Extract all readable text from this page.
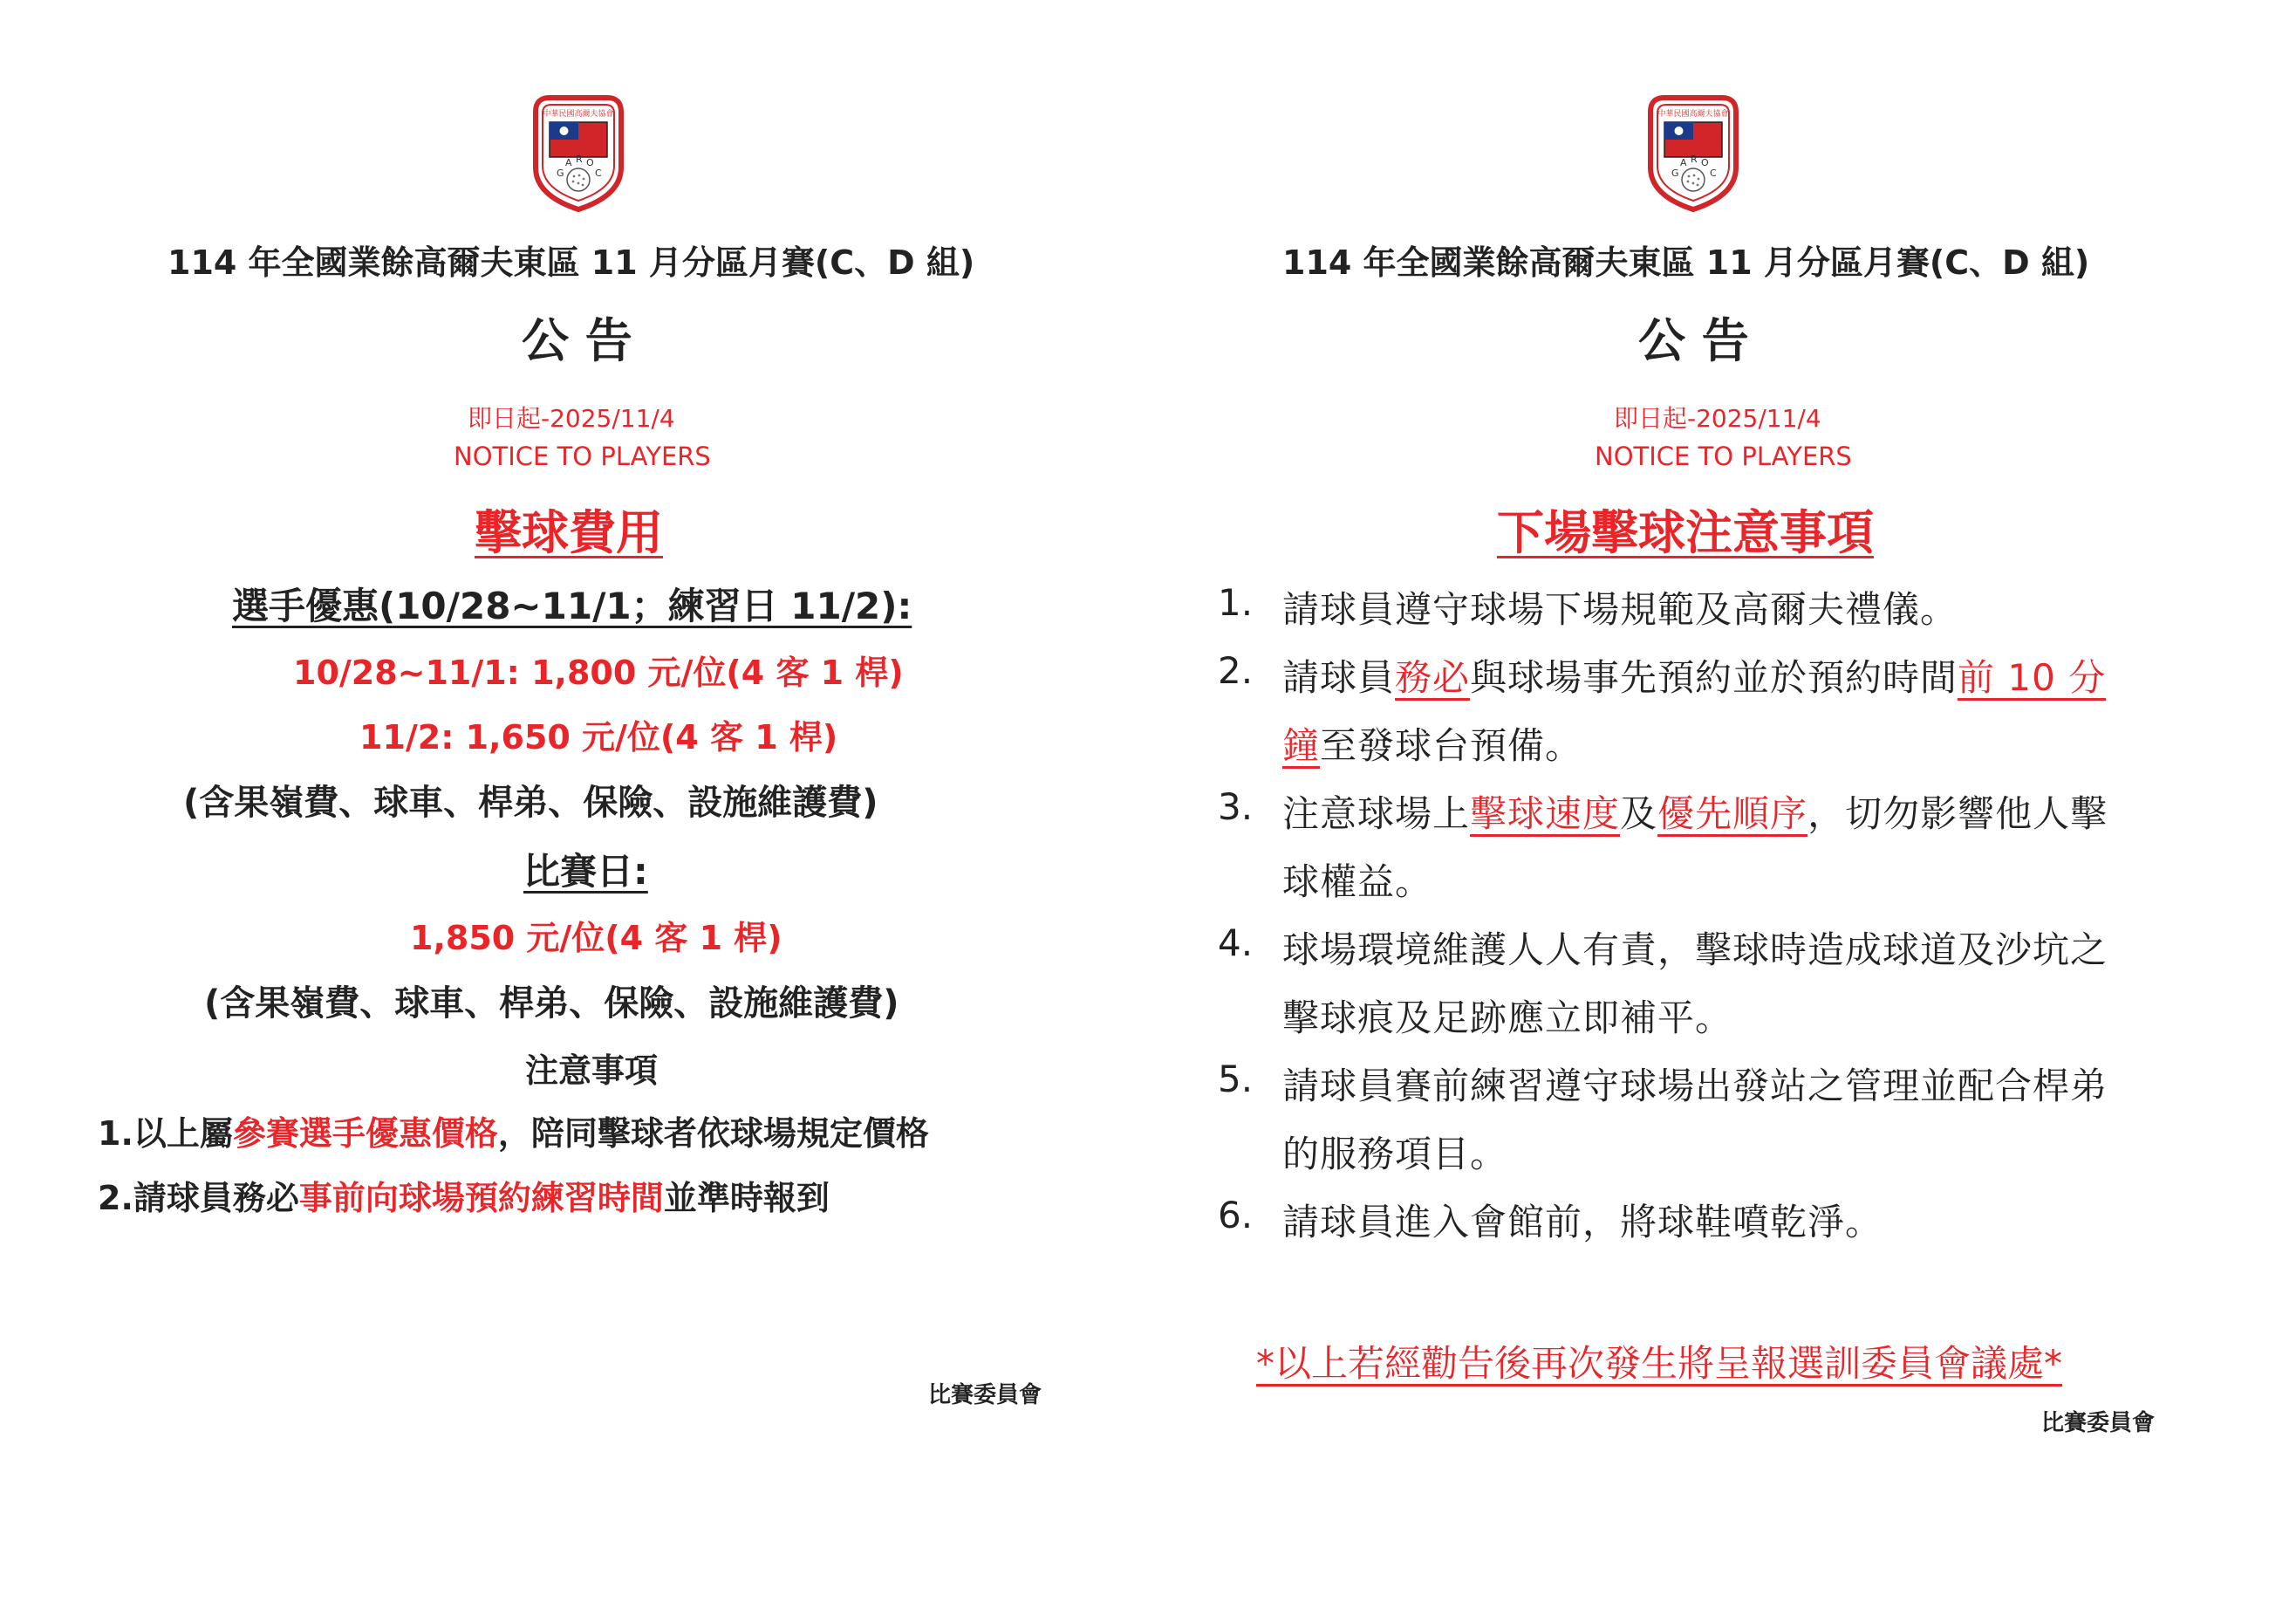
中華民國高爾夫協會
G
A R O
C
114 年全國業餘高爾夫東區 11 月分區月賽(C、D 組)
公 告
即日起-2025/11/4
NOTICE TO PLAYERS
擊球費用
選手優惠(10/28~11/1；練習日 11/2):
10/28~11/1: 1,800 元/位(4 客 1 桿)
11/2: 1,650 元/位(4 客 1 桿)
(含果嶺費、球車、桿弟、保險、設施維護費)
比賽日:
1,850 元/位(4 客 1 桿)
(含果嶺費、球車、桿弟、保險、設施維護費)
注意事項
1.以上屬參賽選手優惠價格，陪同擊球者依球場規定價格
2.請球員務必事前向球場預約練習時間並準時報到
比賽委員會
中華民國高爾夫協會
G
A R O
C
114 年全國業餘高爾夫東區 11 月分區月賽(C、D 組)
公 告
即日起-2025/11/4
NOTICE TO PLAYERS
下場擊球注意事項
1. 請球員遵守球場下場規範及高爾夫禮儀。
2. 請球員務必與球場事先預約並於預約時間前 10 分
鐘至發球台預備。
3. 注意球場上擊球速度及優先順序，切勿影響他人擊
球權益。
4. 球場環境維護人人有責，擊球時造成球道及沙坑之
擊球痕及足跡應立即補平。
5. 請球員賽前練習遵守球場出發站之管理並配合桿弟
的服務項目。
6. 請球員進入會館前，將球鞋噴乾淨。
*以上若經勸告後再次發生將呈報選訓委員會議處*
比賽委員會
